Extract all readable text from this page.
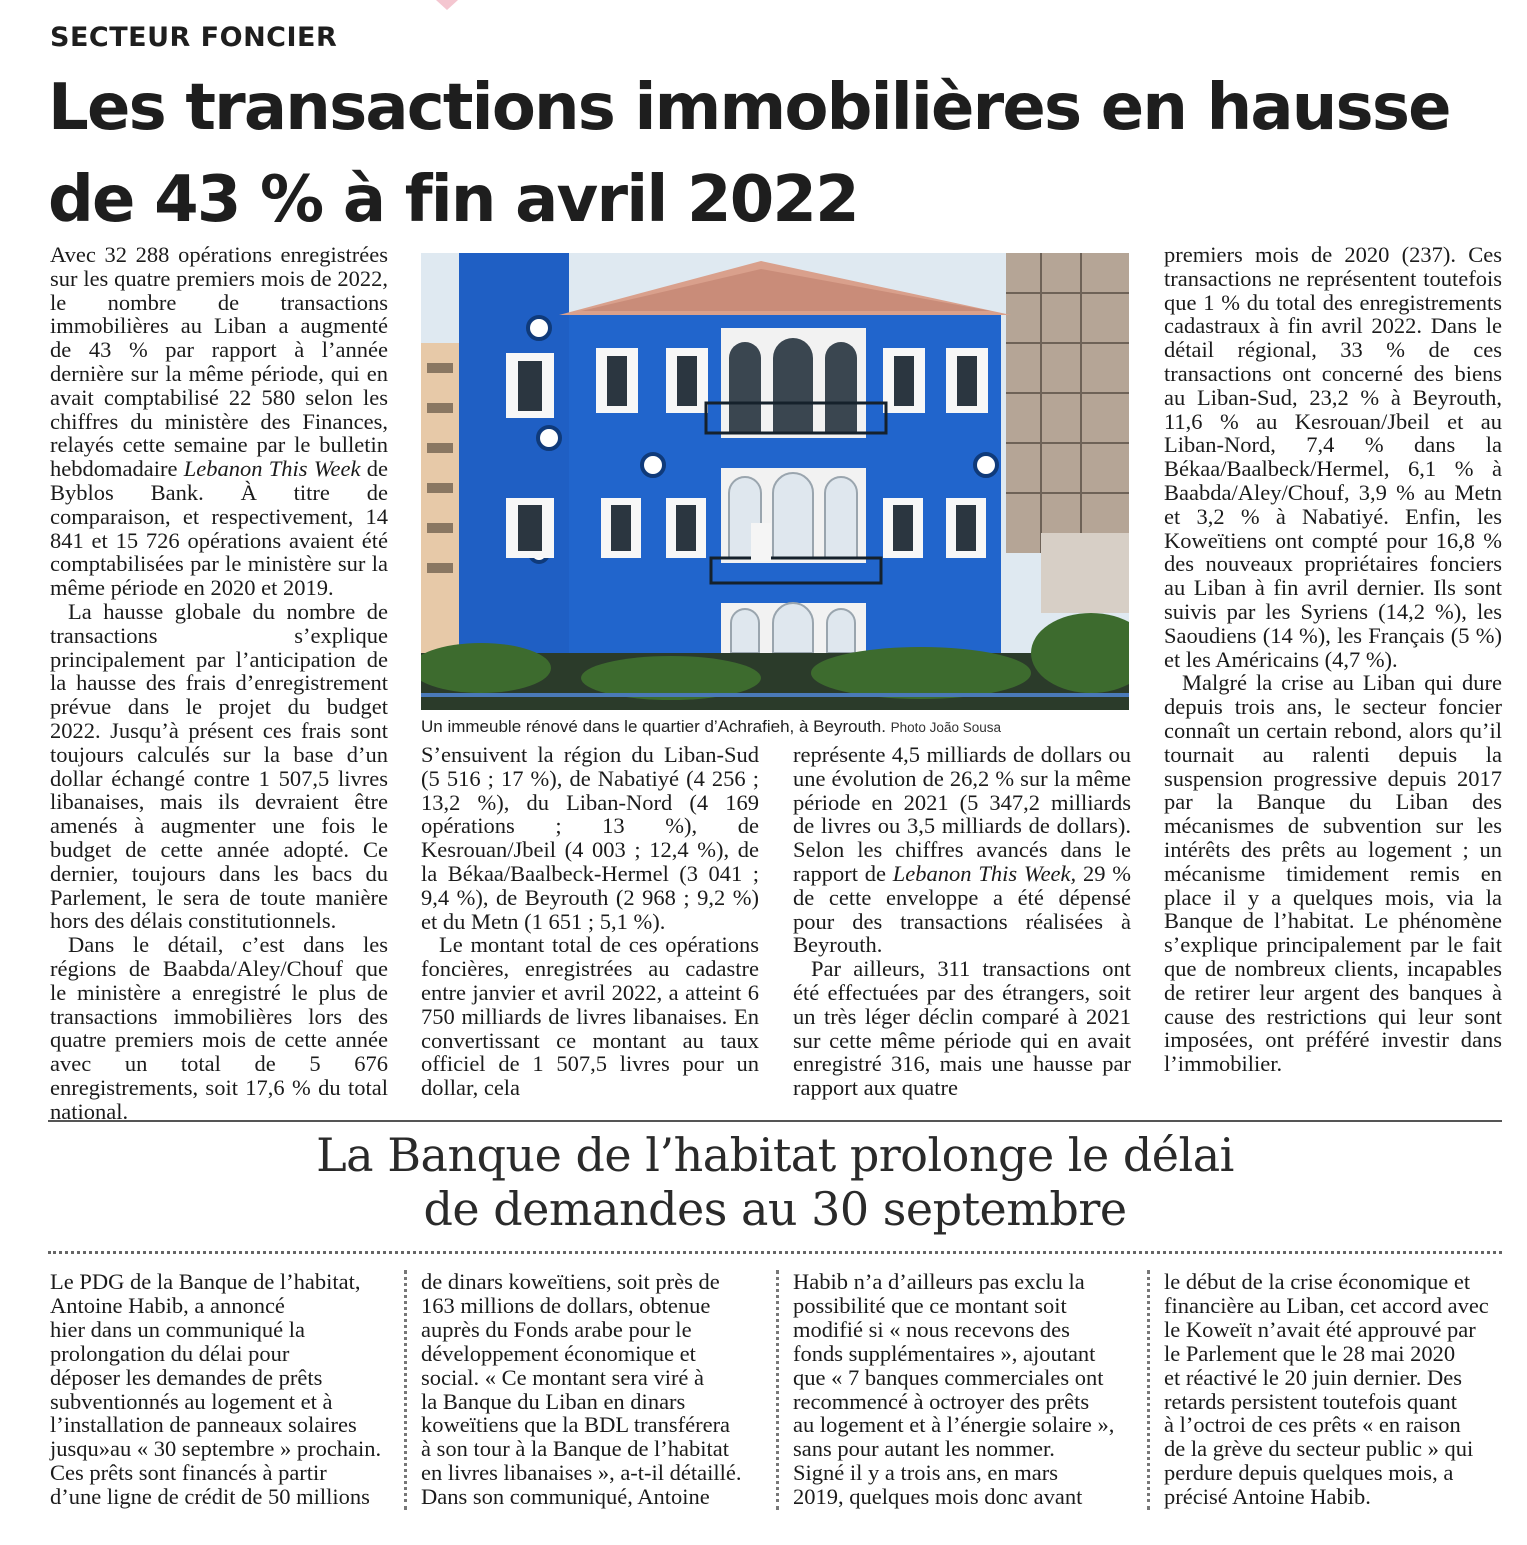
SECTEUR FONCIER
Les transactions immobilières en hausse de 43 % à fin avril 2022

Avec 32 288 opérations enregistrées sur les quatre premiers mois de 2022, le nombre de transactions immobilières au Liban a augmenté de 43 % par rapport à l’année dernière sur la même période, qui en avait comptabilisé 22 580 selon les chiffres du ministère des Finances, relayés cette semaine par le bulletin hebdomadaire Lebanon This Week de Byblos Bank. À titre de comparaison, et respectivement, 14 841 et 15 726 opérations avaient été comptabilisées par le ministère sur la même période en 2020 et 2019.

La hausse globale du nombre de transactions s’explique principalement par l’anticipation de la hausse des frais d’enregistrement prévue dans le projet du budget 2022. Jusqu’à présent ces frais sont toujours calculés sur la base d’un dollar échangé contre 1 507,5 livres libanaises, mais ils devraient être amenés à augmenter une fois le budget de cette année adopté. Ce dernier, toujours dans les bacs du Parlement, le sera de toute manière hors des délais constitutionnels.

Dans le détail, c’est dans les régions de Baabda/Aley/Chouf que le ministère a enregistré le plus de transactions immobilières lors des quatre premiers mois de cette année avec un total de 5 676 enregistrements, soit 17,6 % du total national.

Un immeuble rénové dans le quartier d’Achrafieh, à Beyrouth. Photo João Sousa

S’ensuivent la région du Liban-Sud (5 516 ; 17 %), de Nabatiyé (4 256 ; 13,2 %), du Liban-Nord (4 169 opérations ; 13 %), de Kesrouan/Jbeil (4 003 ; 12,4 %), de la Békaa/Baalbeck-Hermel (3 041 ; 9,4 %), de Beyrouth (2 968 ; 9,2 %) et du Metn (1 651 ; 5,1 %).

Le montant total de ces opérations foncières, enregistrées au cadastre entre janvier et avril 2022, a atteint 6 750 milliards de livres libanaises. En convertissant ce montant au taux officiel de 1 507,5 livres pour un dollar, cela

représente 4,5 milliards de dollars ou une évolution de 26,2 % sur la même période en 2021 (5 347,2 milliards de livres ou 3,5 milliards de dollars). Selon les chiffres avancés dans le rapport de Lebanon This Week, 29 % de cette enveloppe a été dépensé pour des transactions réalisées à Beyrouth.

Par ailleurs, 311 transactions ont été effectuées par des étrangers, soit un très léger déclin comparé à 2021 sur cette même période qui en avait enregistré 316, mais une hausse par rapport aux quatre

premiers mois de 2020 (237). Ces transactions ne représentent toutefois que 1 % du total des enregistrements cadastraux à fin avril 2022. Dans le détail régional, 33 % de ces transactions ont concerné des biens au Liban-Sud, 23,2 % à Beyrouth, 11,6 % au Kesrouan/Jbeil et au Liban-Nord, 7,4 % dans la Békaa/Baalbeck/Hermel, 6,1 % à Baabda/Aley/Chouf, 3,9 % au Metn et 3,2 % à Nabatiyé. Enfin, les Koweïtiens ont compté pour 16,8 % des nouveaux propriétaires fonciers au Liban à fin avril dernier. Ils sont suivis par les Syriens (14,2 %), les Saoudiens (14 %), les Français (5 %) et les Américains (4,7 %).

Malgré la crise au Liban qui dure depuis trois ans, le secteur foncier connaît un certain rebond, alors qu’il tournait au ralenti depuis la suspension progressive depuis 2017 par la Banque du Liban des mécanismes de subvention sur les intérêts des prêts au logement ; un mécanisme timidement remis en place il y a quelques mois, via la Banque de l’habitat. Le phénomène s’explique principalement par le fait que de nombreux clients, incapables de retirer leur argent des banques à cause des restrictions qui leur sont imposées, ont préféré investir dans l’immobilier.

La Banque de l’habitat prolonge le délai
de demandes au 30 septembre
Le PDG de la Banque de l’habitat,
Antoine Habib, a annoncé
hier dans un communiqué la
prolongation du délai pour
déposer les demandes de prêts
subventionnés au logement et à
l’installation de panneaux solaires
jusqu»au « 30 septembre » prochain.
Ces prêts sont financés à partir
d’une ligne de crédit de 50 millions
de dinars koweïtiens, soit près de
163 millions de dollars, obtenue
auprès du Fonds arabe pour le
développement économique et
social. « Ce montant sera viré à
la Banque du Liban en dinars
koweïtiens que la BDL transférera
à son tour à la Banque de l’habitat
en livres libanaises », a-t-il détaillé.
Dans son communiqué, Antoine
Habib n’a d’ailleurs pas exclu la
possibilité que ce montant soit
modifié si « nous recevons des
fonds supplémentaires », ajoutant
que « 7 banques commerciales ont
recommencé à octroyer des prêts
au logement et à l’énergie solaire »,
sans pour autant les nommer.
Signé il y a trois ans, en mars
2019, quelques mois donc avant
le début de la crise économique et
financière au Liban, cet accord avec
le Koweït n’avait été approuvé par
le Parlement que le 28 mai 2020
et réactivé le 20 juin dernier. Des
retards persistent toutefois quant
à l’octroi de ces prêts « en raison
de la grève du secteur public » qui
perdure depuis quelques mois, a
précisé Antoine Habib.
